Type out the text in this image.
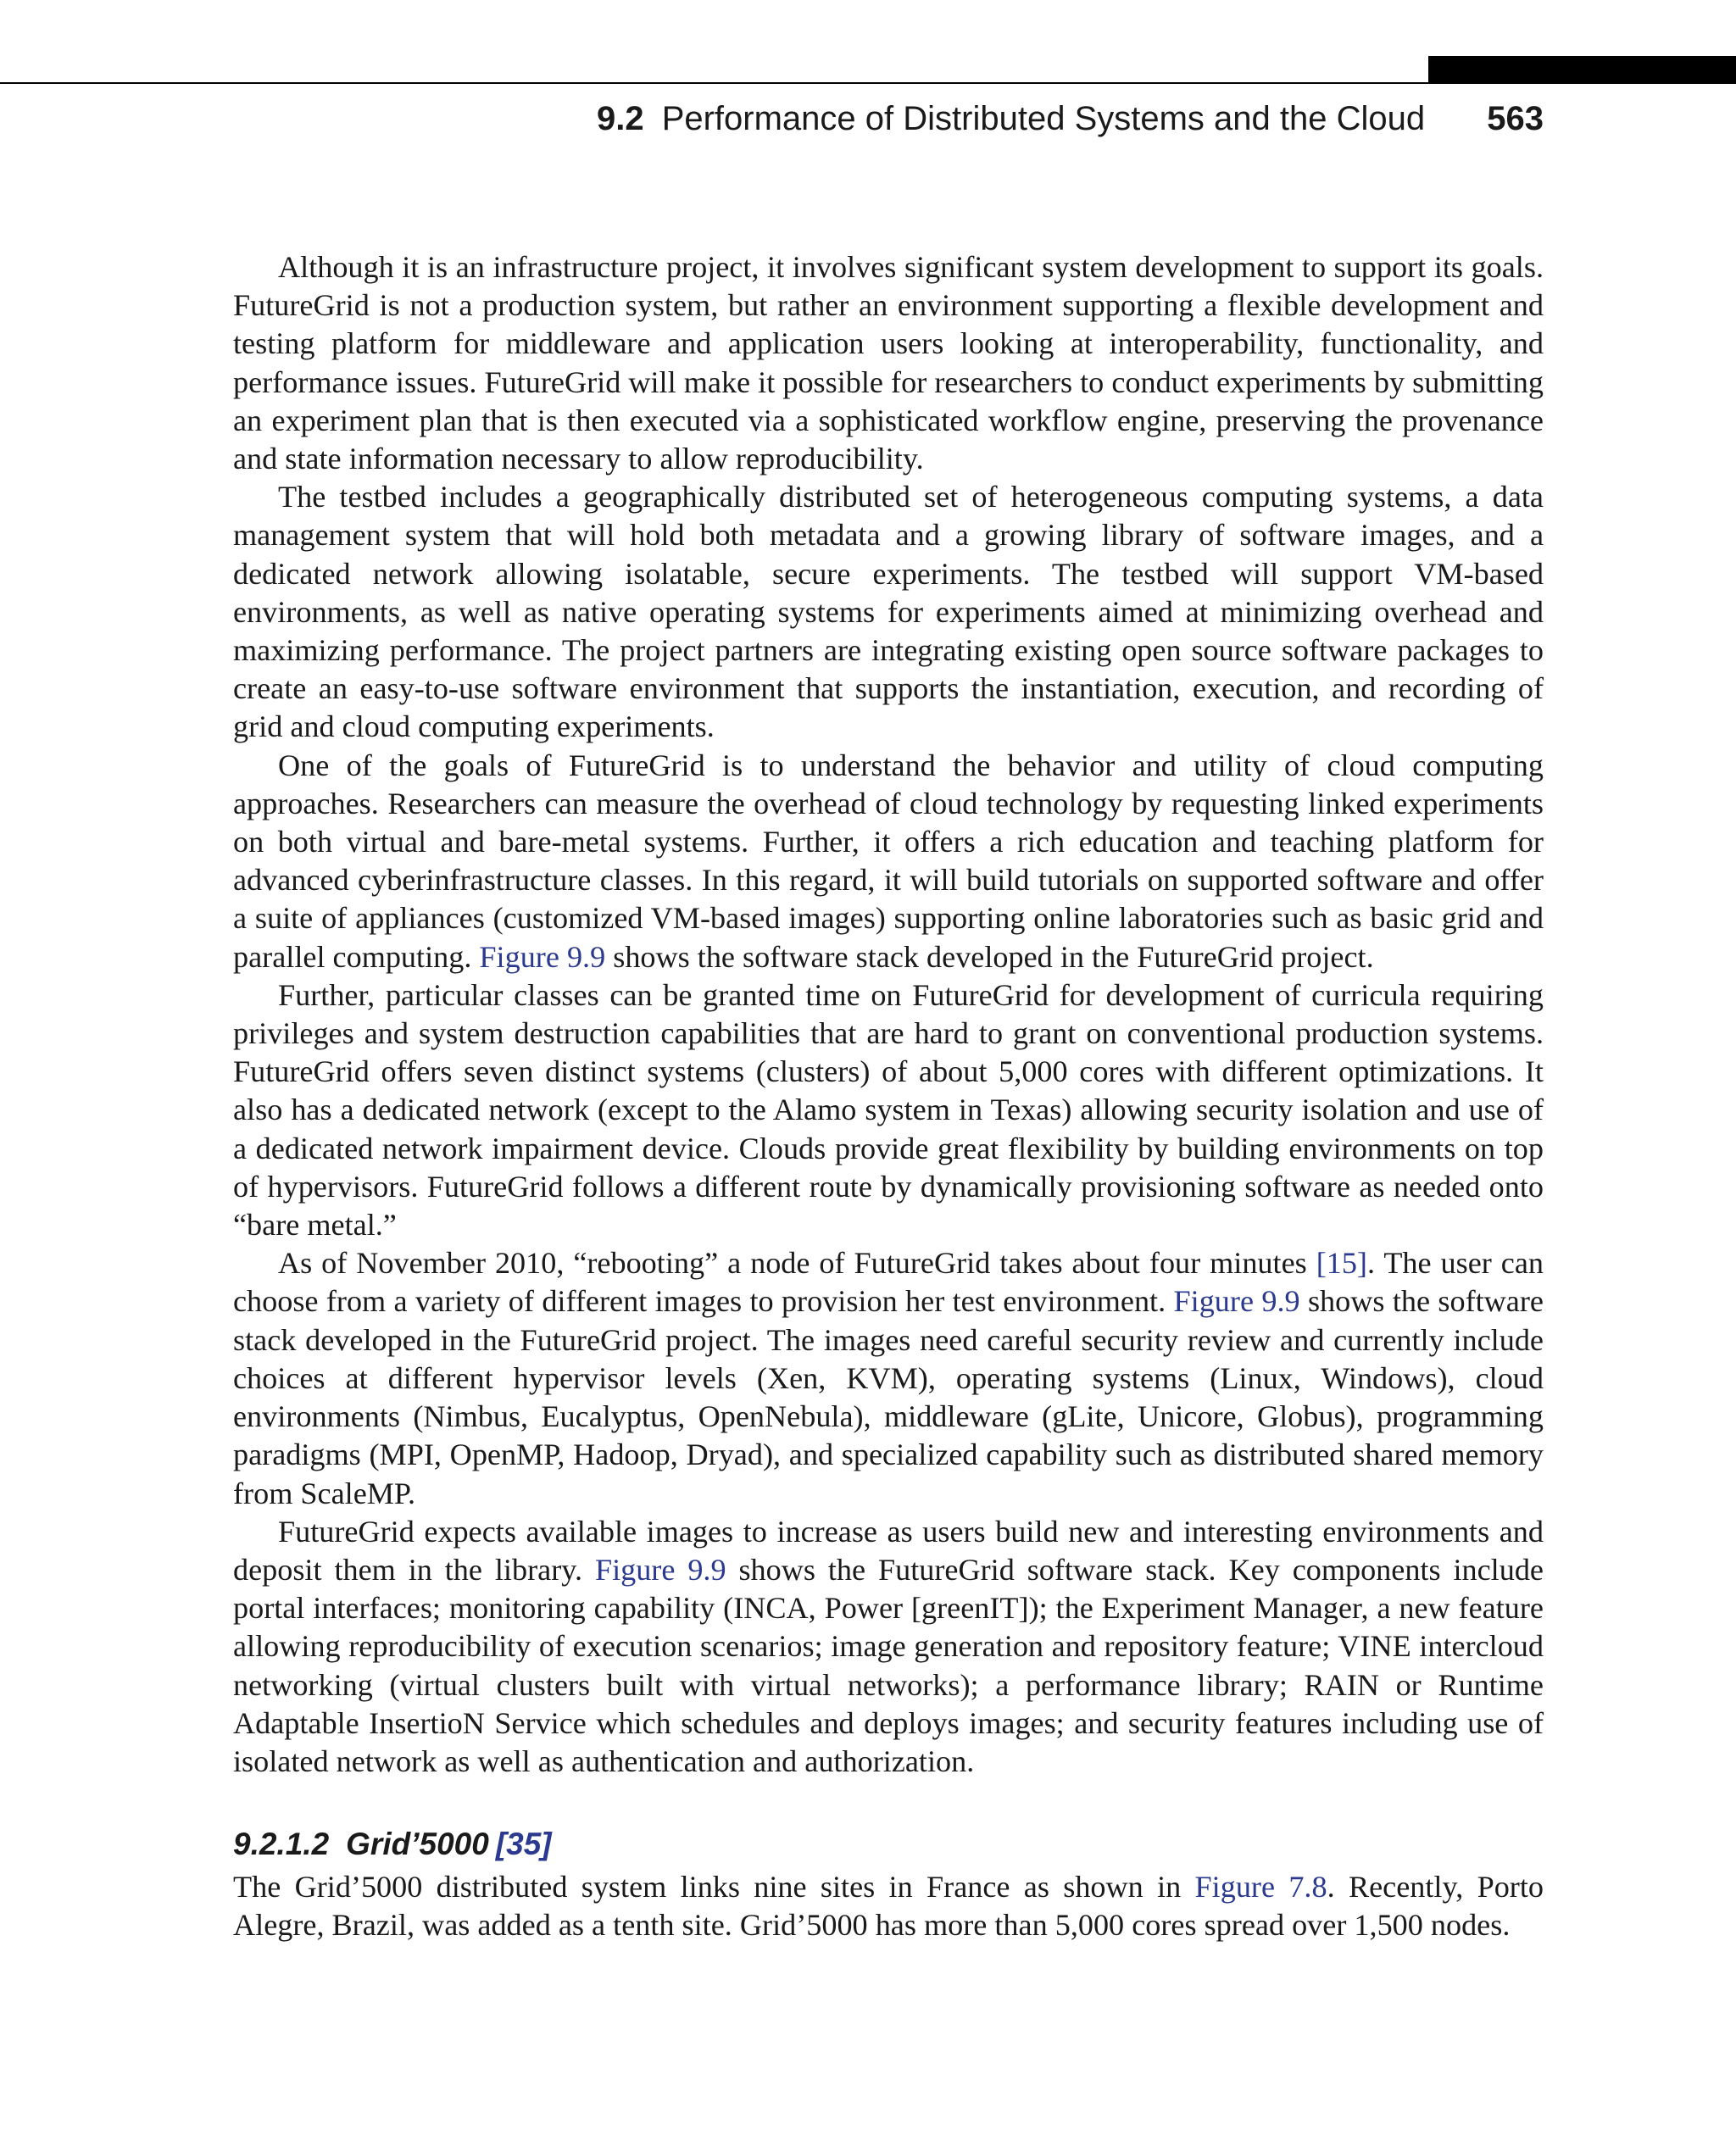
9.2 Performance of Distributed Systems and the Cloud 563

Although it is an infrastructure project, it involves significant system development to support its goals. FutureGrid is not a production system, but rather an environment supporting a flexible development and testing platform for middleware and application users looking at interoperability, functionality, and performance issues. FutureGrid will make it possible for researchers to conduct experiments by submitting an experiment plan that is then executed via a sophisticated workflow engine, preserving the provenance and state information necessary to allow reproducibility.

The testbed includes a geographically distributed set of heterogeneous computing systems, a data management system that will hold both metadata and a growing library of software images, and a dedicated network allowing isolatable, secure experiments. The testbed will support VM-based environments, as well as native operating systems for experiments aimed at minimizing overhead and maximizing performance. The project partners are integrating existing open source software packages to create an easy-to-use software environment that supports the instantiation, execution, and recording of grid and cloud computing experiments.

One of the goals of FutureGrid is to understand the behavior and utility of cloud computing approaches. Researchers can measure the overhead of cloud technology by requesting linked experiments on both virtual and bare-metal systems. Further, it offers a rich education and teaching platform for advanced cyberinfrastructure classes. In this regard, it will build tutorials on supported software and offer a suite of appliances (customized VM-based images) supporting online laboratories such as basic grid and parallel computing. Figure 9.9 shows the software stack developed in the FutureGrid project.

Further, particular classes can be granted time on FutureGrid for development of curricula requiring privileges and system destruction capabilities that are hard to grant on conventional production systems. FutureGrid offers seven distinct systems (clusters) of about 5,000 cores with different optimizations. It also has a dedicated network (except to the Alamo system in Texas) allowing security isolation and use of a dedicated network impairment device. Clouds provide great flexibility by building environments on top of hypervisors. FutureGrid follows a different route by dynamically provisioning software as needed onto “bare metal.”

As of November 2010, “rebooting” a node of FutureGrid takes about four minutes [15]. The user can choose from a variety of different images to provision her test environment. Figure 9.9 shows the software stack developed in the FutureGrid project. The images need careful security review and currently include choices at different hypervisor levels (Xen, KVM), operating systems (Linux, Windows), cloud environments (Nimbus, Eucalyptus, OpenNebula), middleware (gLite, Unicore, Globus), programming paradigms (MPI, OpenMP, Hadoop, Dryad), and specialized capability such as distributed shared memory from ScaleMP.

FutureGrid expects available images to increase as users build new and interesting environments and deposit them in the library. Figure 9.9 shows the FutureGrid software stack. Key components include portal interfaces; monitoring capability (INCA, Power [greenIT]); the Experiment Manager, a new feature allowing reproducibility of execution scenarios; image generation and repository feature; VINE intercloud networking (virtual clusters built with virtual networks); a performance library; RAIN or Runtime Adaptable InsertioN Service which schedules and deploys images; and security features including use of isolated network as well as authentication and authorization.

9.2.1.2 Grid’5000 [35]

The Grid’5000 distributed system links nine sites in France as shown in Figure 7.8. Recently, Porto Alegre, Brazil, was added as a tenth site. Grid’5000 has more than 5,000 cores spread over 1,500 nodes.
